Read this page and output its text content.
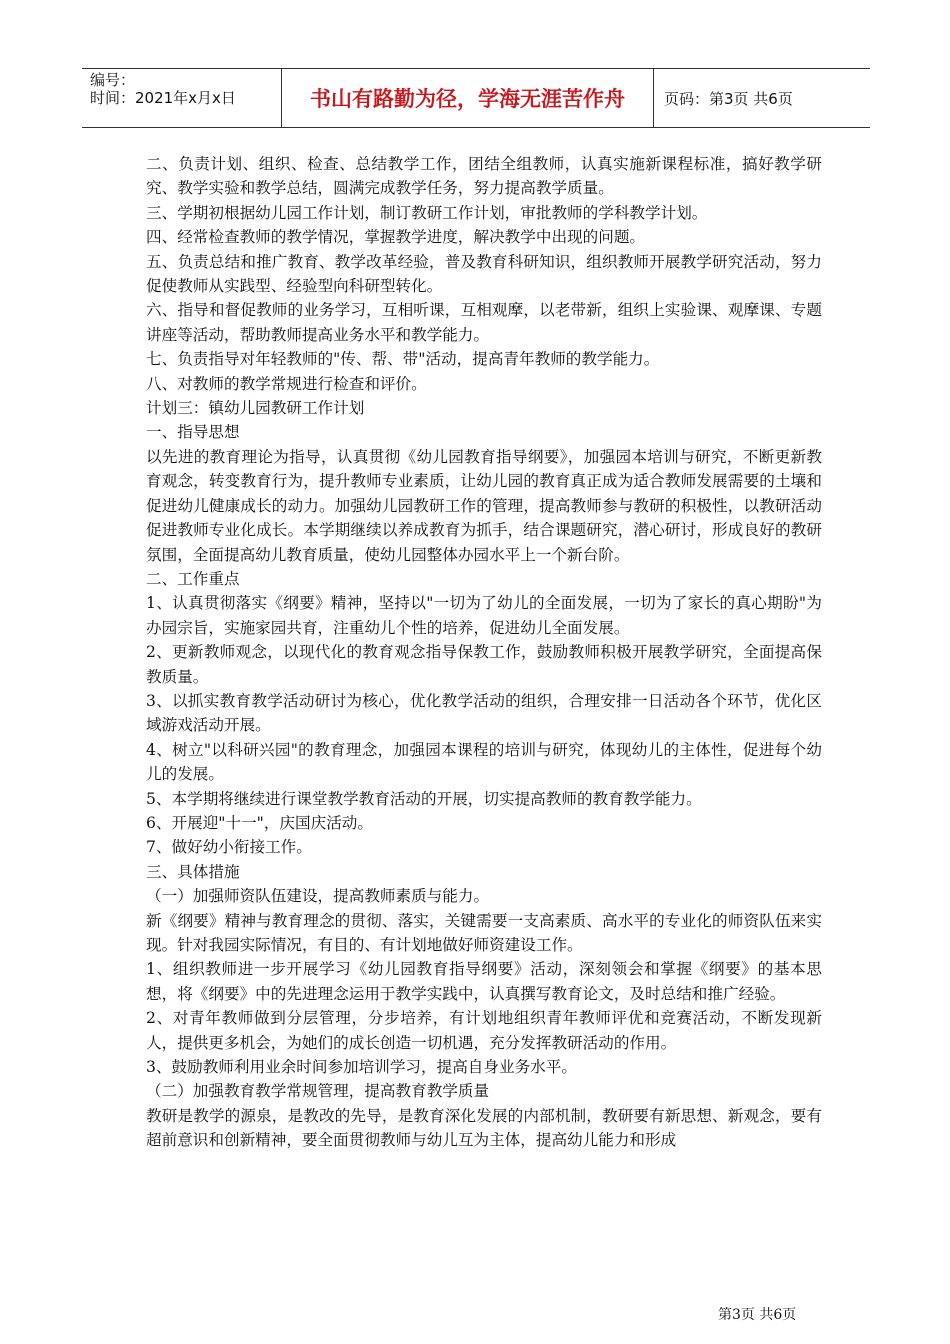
编号：
时间：2021年x月x日	书山有路勤为径，学海无涯苦作舟	页码：第3页 共6页

二、负责计划、组织、检查、总结教学工作，团结全组教师，认真实施新课程标准，搞好教学研究、教学实验和教学总结，圆满完成教学任务，努力提高教学质量。

三、学期初根据幼儿园工作计划，制订教研工作计划，审批教师的学科教学计划。

四、经常检查教师的教学情况，掌握教学进度，解决教学中出现的问题。

五、负责总结和推广教育、教学改革经验，普及教育科研知识，组织教师开展教学研究活动，努力促使教师从实践型、经验型向科研型转化。

六、指导和督促教师的业务学习，互相听课，互相观摩，以老带新，组织上实验课、观摩课、专题讲座等活动，帮助教师提高业务水平和教学能力。

七、负责指导对年轻教师的"传、帮、带"活动，提高青年教师的教学能力。

八、对教师的教学常规进行检查和评价。

计划三：镇幼儿园教研工作计划

一、指导思想

以先进的教育理论为指导，认真贯彻《幼儿园教育指导纲要》，加强园本培训与研究，不断更新教育观念，转变教育行为，提升教师专业素质，让幼儿园的教育真正成为适合教师发展需要的土壤和促进幼儿健康成长的动力。加强幼儿园教研工作的管理，提高教师参与教研的积极性，以教研活动促进教师专业化成长。本学期继续以养成教育为抓手，结合课题研究，潜心研讨，形成良好的教研氛围，全面提高幼儿教育质量，使幼儿园整体办园水平上一个新台阶。

二、工作重点

1、认真贯彻落实《纲要》精神，坚持以"一切为了幼儿的全面发展，一切为了家长的真心期盼"为办园宗旨，实施家园共育，注重幼儿个性的培养，促进幼儿全面发展。

2、更新教师观念，以现代化的教育观念指导保教工作，鼓励教师积极开展教学研究，全面提高保教质量。

3、以抓实教育教学活动研讨为核心，优化教学活动的组织，合理安排一日活动各个环节，优化区域游戏活动开展。

4、树立"以科研兴园"的教育理念，加强园本课程的培训与研究，体现幼儿的主体性，促进每个幼儿的发展。

5、本学期将继续进行课堂教学教育活动的开展，切实提高教师的教育教学能力。

6、开展迎"十一"，庆国庆活动。

7、做好幼小衔接工作。

三、具体措施

（一）加强师资队伍建设，提高教师素质与能力。

新《纲要》精神与教育理念的贯彻、落实，关键需要一支高素质、高水平的专业化的师资队伍来实现。针对我园实际情况，有目的、有计划地做好师资建设工作。

1、组织教师进一步开展学习《幼儿园教育指导纲要》活动，深刻领会和掌握《纲要》的基本思想，将《纲要》中的先进理念运用于教学实践中，认真撰写教育论文，及时总结和推广经验。

2、对青年教师做到分层管理，分步培养，有计划地组织青年教师评优和竞赛活动，不断发现新人，提供更多机会，为她们的成长创造一切机遇，充分发挥教研活动的作用。

3、鼓励教师利用业余时间参加培训学习，提高自身业务水平。

（二）加强教育教学常规管理，提高教育教学质量

教研是教学的源泉，是教改的先导，是教育深化发展的内部机制，教研要有新思想、新观念，要有超前意识和创新精神，要全面贯彻教师与幼儿互为主体，提高幼儿能力和形成

第3页 共6页
